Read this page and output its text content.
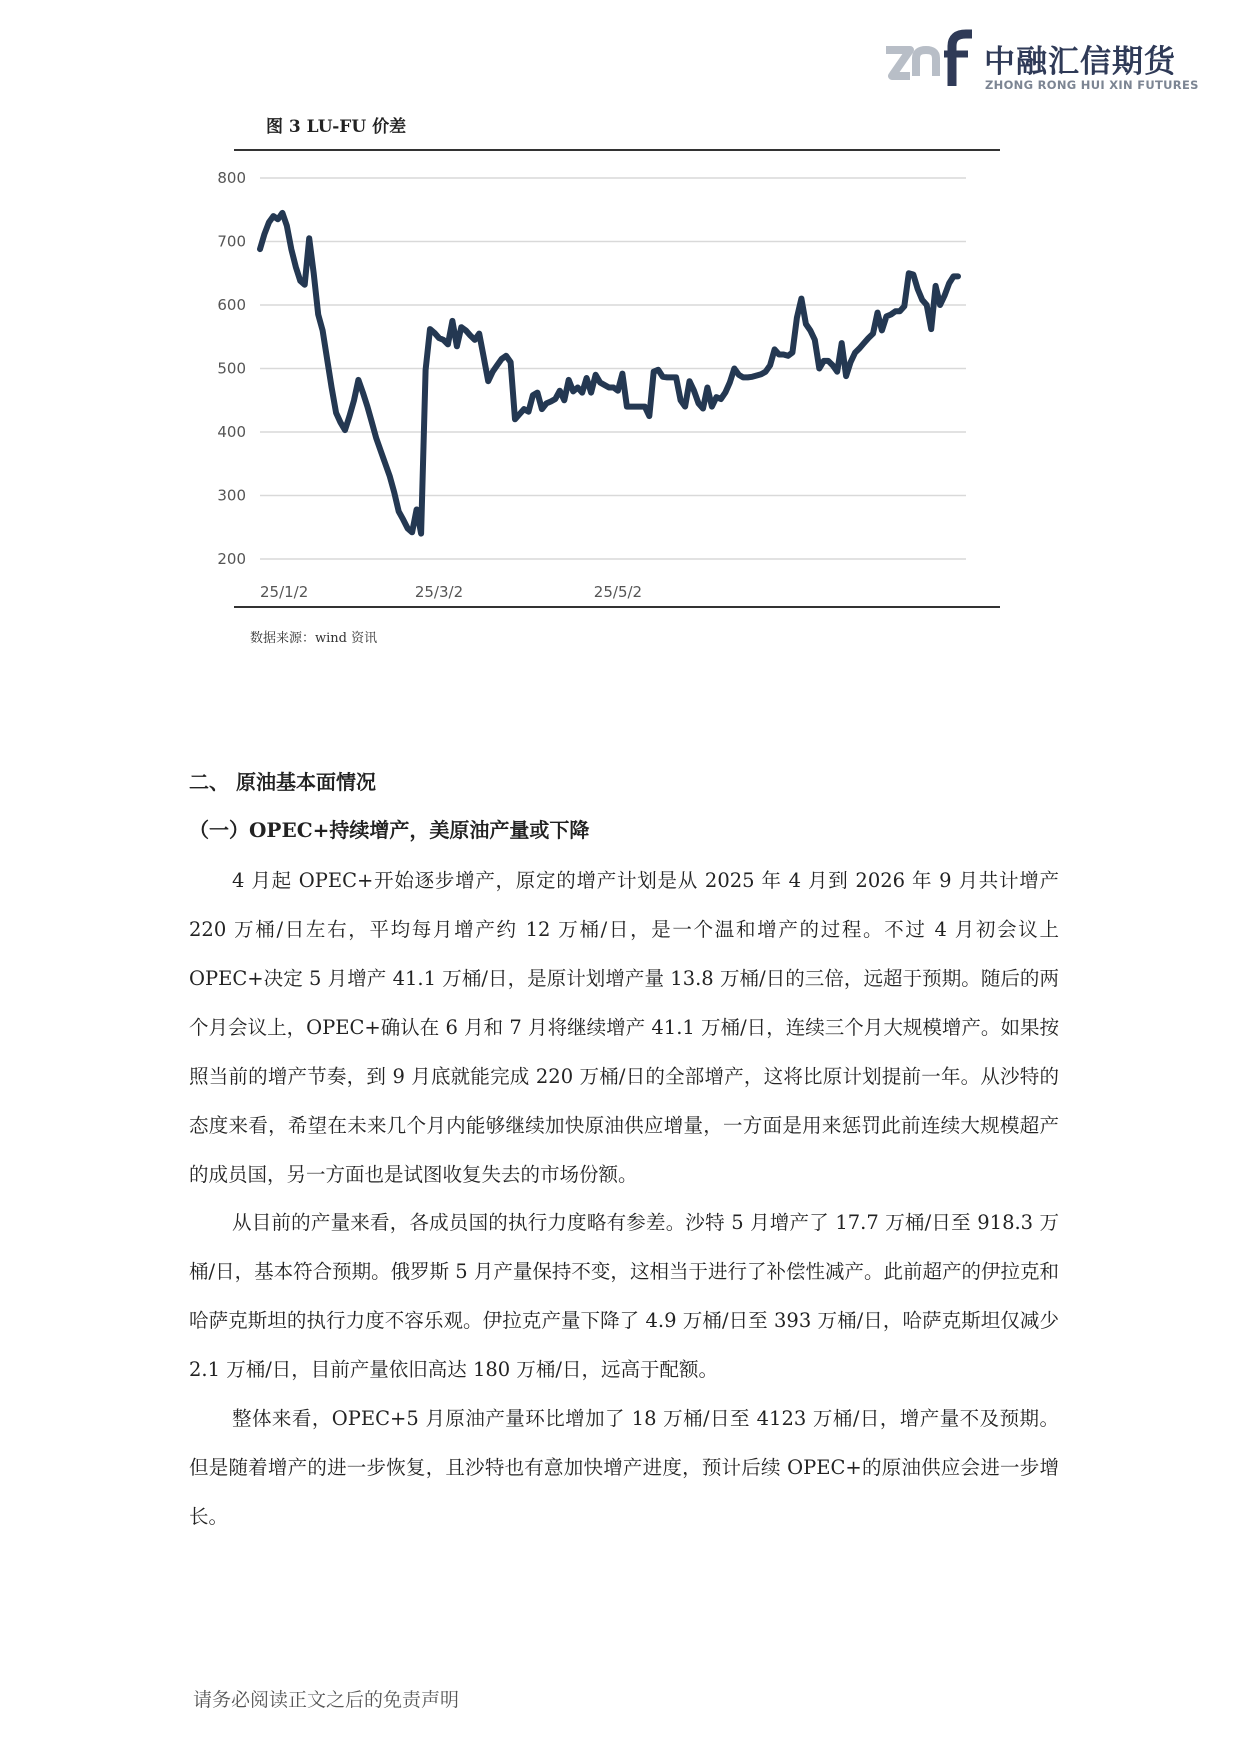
中融汇信期货
ZHONG RONG HUI XIN FUTURES
图 3 LU-FU 价差
800
700
600
500
400
300
200
25/1/2	25/3/2	25/5/2
数据来源：wind 资讯
二、 原油基本面情况
（一）OPEC+持续增产，美原油产量或下降

4 月起 OPEC+开始逐步增产，原定的增产计划是从 2025 年 4 月到 2026 年 9 月共计增产 220 万桶/日左右，平均每月增产约 12 万桶/日，是一个温和增产的过程。不过 4 月初会议上 OPEC+决定 5 月增产 41.1 万桶/日，是原计划增产量 13.8 万桶/日的三倍，远超于预期。随后的两个月会议上，OPEC+确认在 6 月和 7 月将继续增产 41.1 万桶/日，连续三个月大规模增产。如果按照当前的增产节奏，到 9 月底就能完成 220 万桶/日的全部增产，这将比原计划提前一年。从沙特的态度来看，希望在未来几个月内能够继续加快原油供应增量，一方面是用来惩罚此前连续大规模超产的成员国，另一方面也是试图收复失去的市场份额。

从目前的产量来看，各成员国的执行力度略有参差。沙特 5 月增产了 17.7 万桶/日至 918.3 万桶/日，基本符合预期。俄罗斯 5 月产量保持不变，这相当于进行了补偿性减产。此前超产的伊拉克和哈萨克斯坦的执行力度不容乐观。伊拉克产量下降了 4.9 万桶/日至 393 万桶/日，哈萨克斯坦仅减少 2.1 万桶/日，目前产量依旧高达 180 万桶/日，远高于配额。

整体来看，OPEC+5 月原油产量环比增加了 18 万桶/日至 4123 万桶/日，增产量不及预期。但是随着增产的进一步恢复，且沙特也有意加快增产进度，预计后续 OPEC+的原油供应会进一步增长。

请务必阅读正文之后的免责声明
